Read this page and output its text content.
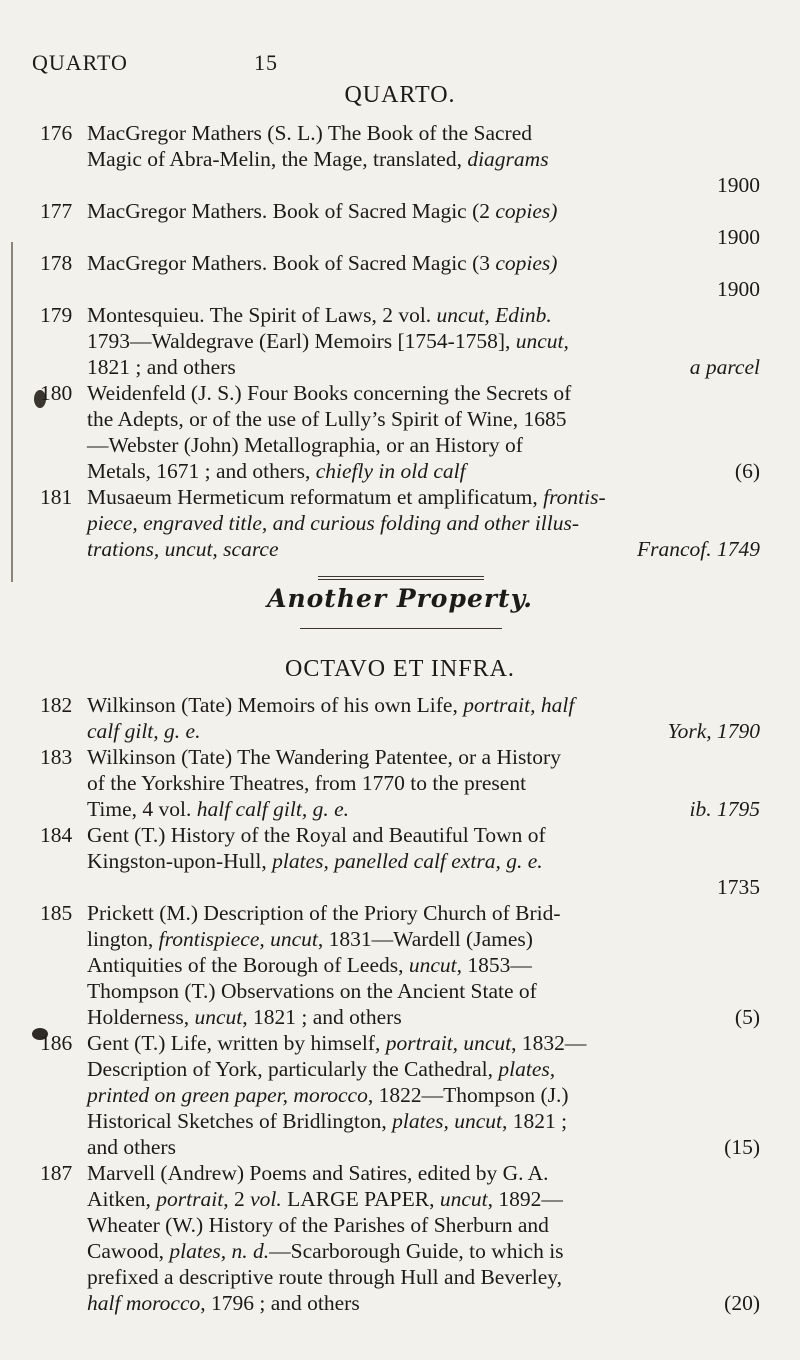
QUARTO	15
QUARTO.
176 MacGregor Mathers (S. L.) The Book of the Sacred
Magic of Abra-Melin, the Mage, translated, diagrams
1900
177 MacGregor Mathers. Book of Sacred Magic (2 copies)
1900
178 MacGregor Mathers. Book of Sacred Magic (3 copies)
1900
179 Montesquieu. The Spirit of Laws, 2 vol. uncut, Edinb.
1793—Waldegrave (Earl) Memoirs [1754-1758], uncut,
1821 ; and others	a parcel
180 Weidenfeld (J. S.) Four Books concerning the Secrets of
the Adepts, or of the use of Lully’s Spirit of Wine, 1685
—Webster (John) Metallographia, or an History of
Metals, 1671 ; and others, chiefly in old calf	(6)
181 Musaeum Hermeticum reformatum et amplificatum, frontis-
piece, engraved title, and curious folding and other illus-
trations, uncut, scarce	Francof. 1749
Another Property.
OCTAVO ET INFRA.
182 Wilkinson (Tate) Memoirs of his own Life, portrait, half
calf gilt, g. e.	York, 1790
183 Wilkinson (Tate) The Wandering Patentee, or a History
of the Yorkshire Theatres, from 1770 to the present
Time, 4 vol. half calf gilt, g. e.	ib. 1795
184 Gent (T.) History of the Royal and Beautiful Town of
Kingston-upon-Hull, plates, panelled calf extra, g. e.
1735
185 Prickett (M.) Description of the Priory Church of Brid-
lington, frontispiece, uncut, 1831—Wardell (James)
Antiquities of the Borough of Leeds, uncut, 1853—
Thompson (T.) Observations on the Ancient State of
Holderness, uncut, 1821 ; and others	(5)
186 Gent (T.) Life, written by himself, portrait, uncut, 1832—
Description of York, particularly the Cathedral, plates,
printed on green paper, morocco, 1822—Thompson (J.)
Historical Sketches of Bridlington, plates, uncut, 1821 ;
and others	(15)
187 Marvell (Andrew) Poems and Satires, edited by G. A.
Aitken, portrait, 2 vol. LARGE PAPER, uncut, 1892—
Wheater (W.) History of the Parishes of Sherburn and
Cawood, plates, n. d.—Scarborough Guide, to which is
prefixed a descriptive route through Hull and Beverley,
half morocco, 1796 ; and others	(20)
